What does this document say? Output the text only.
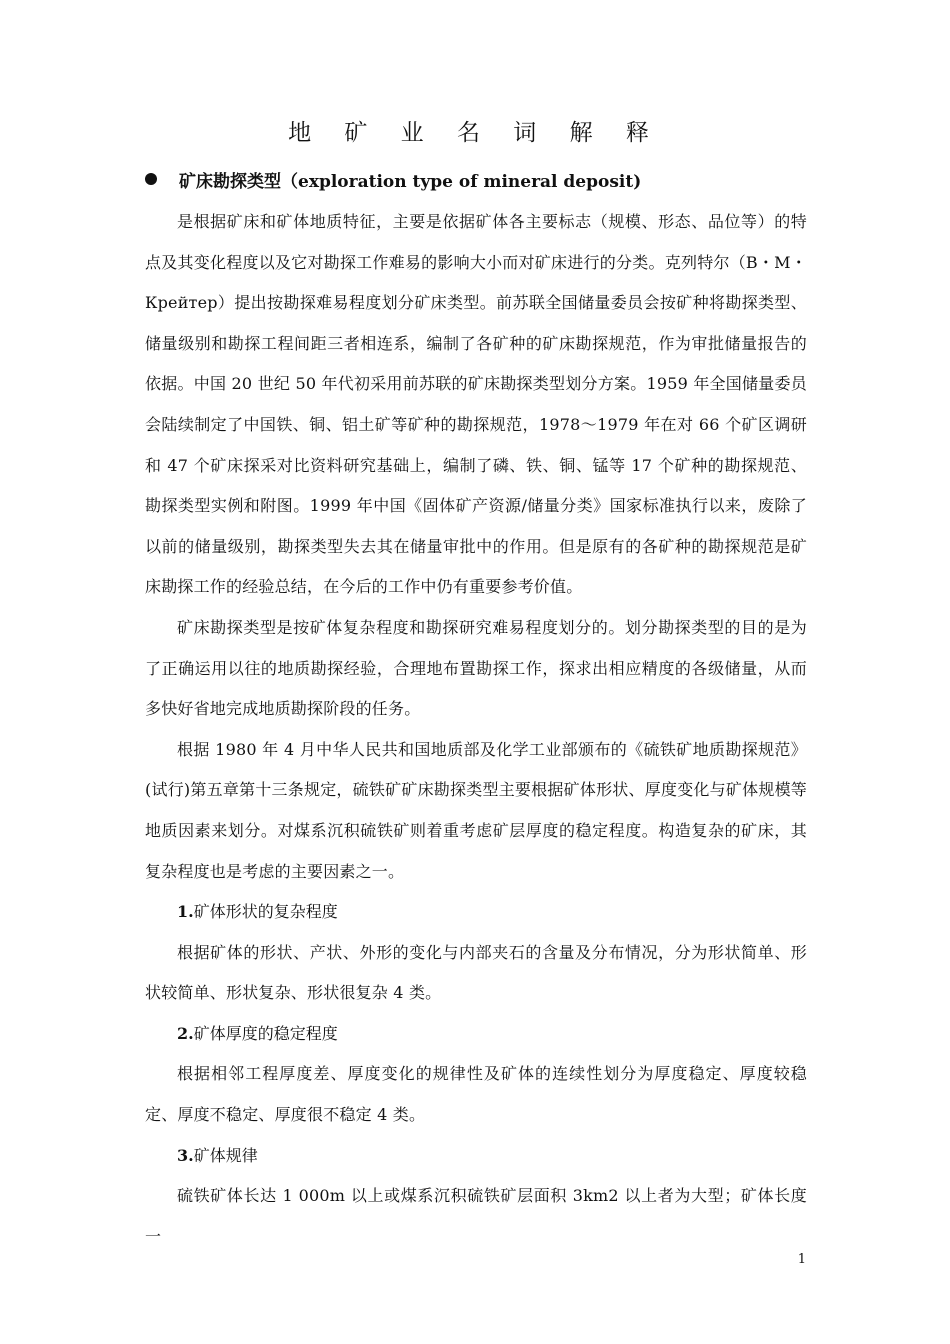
地 矿 业 名 词 解 释
矿床勘探类型（exploration type of mineral deposit)

是根据矿床和矿体地质特征，主要是依据矿体各主要标志（规模、形态、品位等）的特点及其变化程度以及它对勘探工作难易的影响大小而对矿床进行的分类。克列特尔（В・М・Крейтер）提出按勘探难易程度划分矿床类型。前苏联全国储量委员会按矿种将勘探类型、储量级别和勘探工程间距三者相连系，编制了各矿种的矿床勘探规范，作为审批储量报告的依据。中国 20 世纪 50 年代初采用前苏联的矿床勘探类型划分方案。1959 年全国储量委员会陆续制定了中国铁、铜、铝土矿等矿种的勘探规范，1978～1979 年在对 66 个矿区调研和 47 个矿床探采对比资料研究基础上，编制了磷、铁、铜、锰等 17 个矿种的勘探规范、勘探类型实例和附图。1999 年中国《固体矿产资源/储量分类》国家标准执行以来，废除了以前的储量级别，勘探类型失去其在储量审批中的作用。但是原有的各矿种的勘探规范是矿床勘探工作的经验总结，在今后的工作中仍有重要参考价值。

矿床勘探类型是按矿体复杂程度和勘探研究难易程度划分的。划分勘探类型的目的是为了正确运用以往的地质勘探经验，合理地布置勘探工作，探求出相应精度的各级储量，从而多快好省地完成地质勘探阶段的任务。

根据 1980 年 4 月中华人民共和国地质部及化学工业部颁布的《硫铁矿地质勘探规范》(试行)第五章第十三条规定，硫铁矿矿床勘探类型主要根据矿体形状、厚度变化与矿体规模等地质因素来划分。对煤系沉积硫铁矿则着重考虑矿层厚度的稳定程度。构造复杂的矿床，其复杂程度也是考虑的主要因素之一。

1.矿体形状的复杂程度

根据矿体的形状、产状、外形的变化与内部夹石的含量及分布情况，分为形状简单、形状较简单、形状复杂、形状很复杂 4 类。

2.矿体厚度的稳定程度

根据相邻工程厚度差、厚度变化的规律性及矿体的连续性划分为厚度稳定、厚度较稳定、厚度不稳定、厚度很不稳定 4 类。

3.矿体规律

硫铁矿体长达 1 000m 以上或煤系沉积硫铁矿层面积 3km2 以上者为大型；矿体长度一

1
